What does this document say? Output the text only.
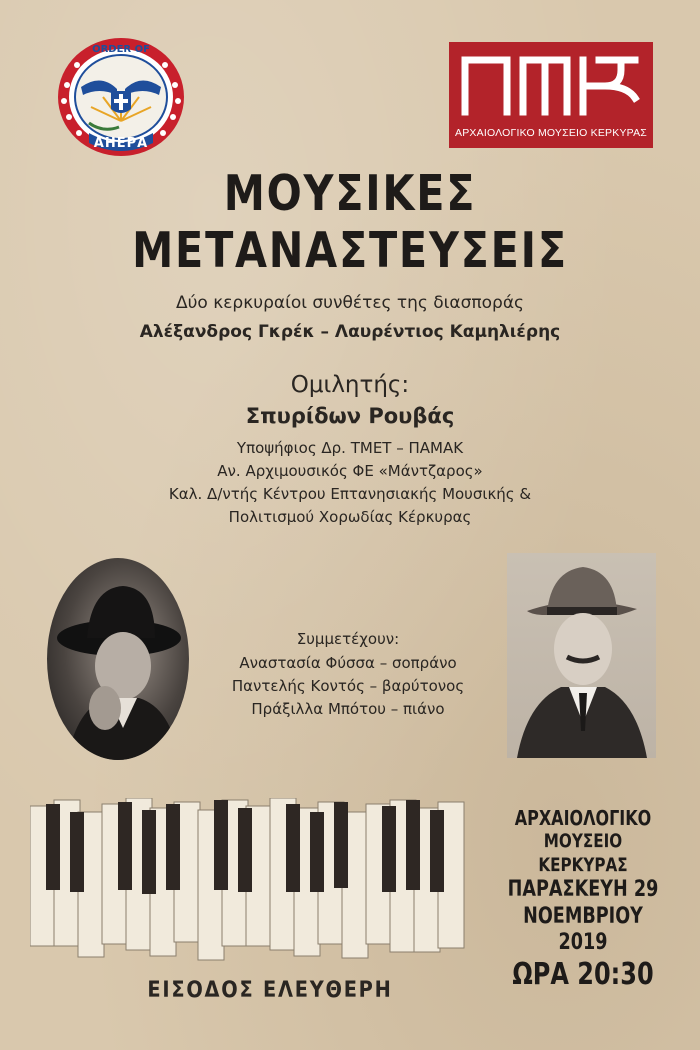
ORDER OF
ΑΗΕΡΑ
ΑΡΧΑΙΟΛΟΓΙΚΟ ΜΟΥΣΕΙΟ ΚΕΡΚΥΡΑΣ
ΜΟΥΣΙΚΕΣ
ΜΕΤΑΝΑΣΤΕΥΣΕΙΣ
Δύο κερκυραίοι συνθέτες της διασποράς
Αλέξανδρος Γκρέκ – Λαυρέντιος Καμηλιέρης
Ομιλητής:
Σπυρίδων Ρουβάς
Υποψήφιος Δρ. ΤΜΕΤ – ΠΑΜΑΚ
Αν. Αρχιμουσικός ΦΕ «Μάντζαρος»
Καλ. Δ/ντής Κέντρου Επτανησιακής Μουσικής &
Πολιτισμού Χορωδίας Κέρκυρας
Συμμετέχουν:
Αναστασία Φύσσα – σοπράνο
Παντελής Κοντός – βαρύτονος
Πράξιλλα Μπότου – πιάνο
ΑΡΧΑΙΟΛΟΓΙΚΟ
ΜΟΥΣΕΙΟ ΚΕΡΚΥΡΑΣ
ΠΑΡΑΣΚΕΥΗ 29
ΝΟΕΜΒΡΙΟΥ 2019
ΩΡΑ 20:30
ΕΙΣΟΔΟΣ ΕΛΕΥΘΕΡΗ
